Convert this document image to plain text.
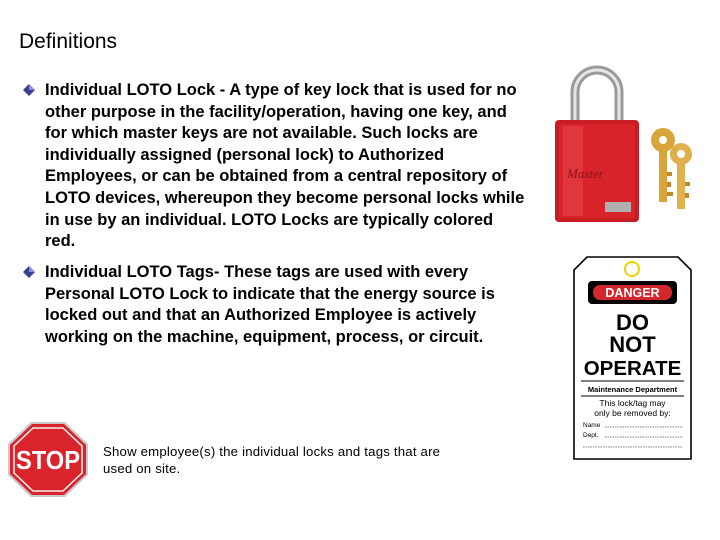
Definitions
Individual LOTO Lock - A type of key lock that is used for no other purpose in the facility/operation, having one key, and for which master keys are not available. Such locks are individually assigned (personal lock) to Authorized Employees, or can be obtained from a central repository of LOTO devices, whereupon they become personal locks while in use by an individual. LOTO Locks are typically colored red.
Individual LOTO Tags- These tags are used with every Personal LOTO Lock to indicate that the energy source is locked out and that an Authorized Employee is actively working on the machine, equipment, process, or circuit.
Master
DANGER
DO
NOT
OPERATE
Maintenance Department
This lock/tag may
only be removed by:
Name
Dept.
STOP Show employee(s) the individual locks and tags that are used on site.
